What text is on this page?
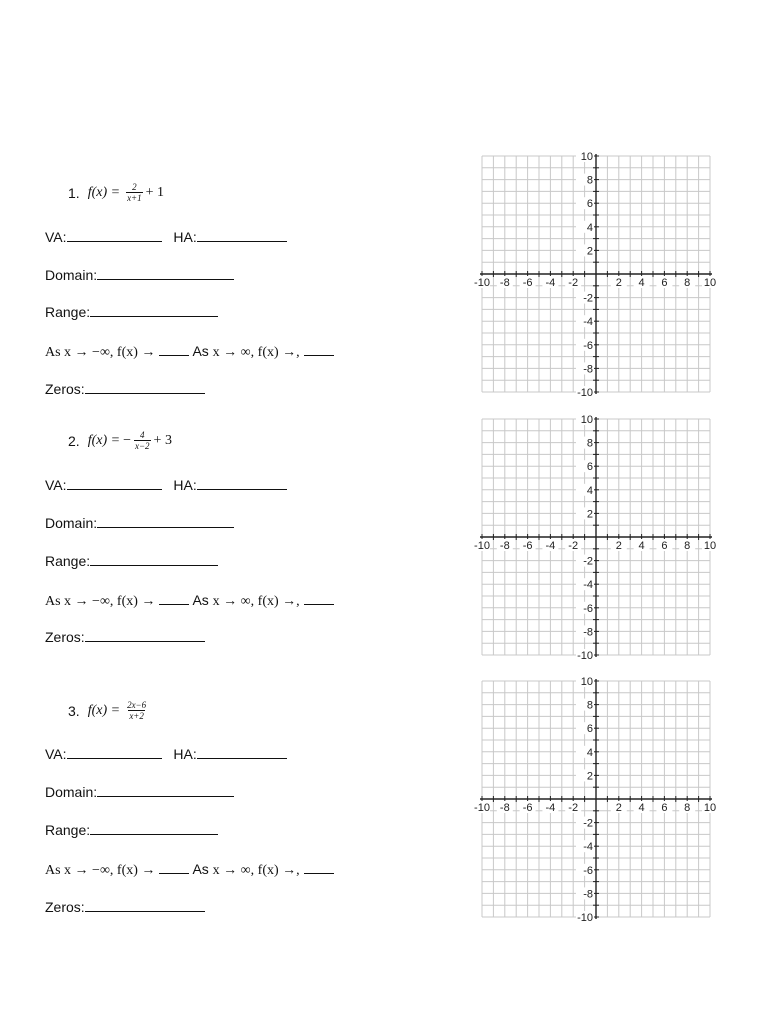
1. $f(x) = \frac{2}{x+1} + 1$
VA:	HA:
Domain:
Range:
As x → −∞, f(x) →	As x → ∞, f(x) →,
Zeros:
2. f(x) = − $\frac{4}{x-2} + 3$
VA:	HA:
Domain:
Range:
As x → −∞, f(x) →	As x → ∞, f(x) →,
Zeros:
3. $f(x) = \frac{2x-6}{x+2}$
VA:	HA:
Domain:
Range:
As x → −∞, f(x) →	As x → ∞, f(x) →,
Zeros:
-10 -8 -6 -4 -2	2 4 6 8 10
10
8
6
4
2
-2
-4
-6
-8
-10
-10 -8 -6 -4 -2	2 4 6 8 10
10
8
6
4
2
-2
-4
-6
-8
-10
-10 -8 -6 -4 -2	2 4 6 8 10
10
8
6
4
2
-2
-4
-6
-8
-10
